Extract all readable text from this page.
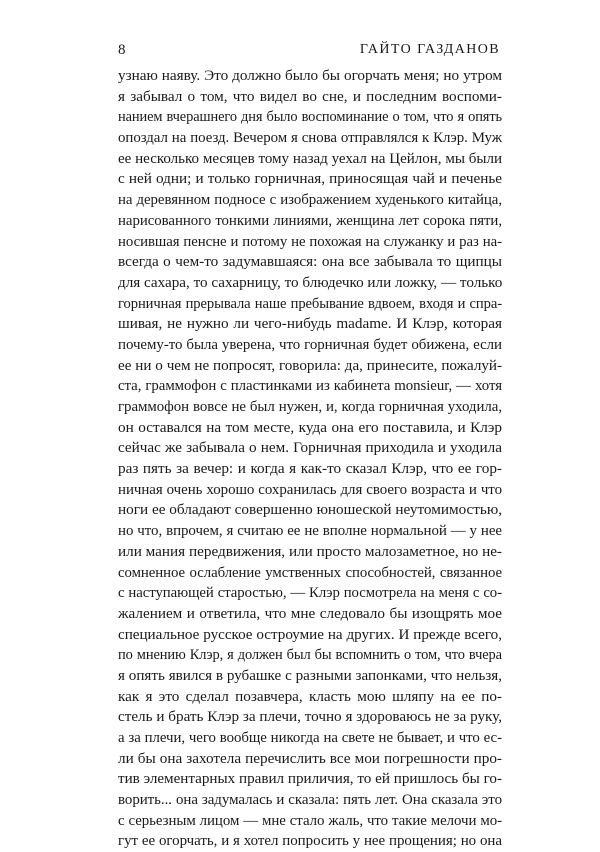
8	ГАЙТО ГАЗДАНОВ
узнаю наяву. Это должно было бы огорчать меня; но утром
я забывал о том, что видел во сне, и последним воспоми-
нанием вчерашнего дня было воспоминание о том, что я опять
опоздал на поезд. Вечером я снова отправлялся к Клэр. Муж
ее несколько месяцев тому назад уехал на Цейлон, мы были
с ней одни; и только горничная, приносящая чай и печенье
на деревянном подносе с изображением худенького китайца,
нарисованного тонкими линиями, женщина лет сорока пяти,
носившая пенсне и потому не похожая на служанку и раз на-
всегда о чем-то задумавшаяся: она все забывала то щипцы
для сахара, то сахарницу, то блюдечко или ложку, — только
горничная прерывала наше пребывание вдвоем, входя и спра-
шивая, не нужно ли чего-нибудь madame. И Клэр, которая
почему-то была уверена, что горничная будет обижена, если
ее ни о чем не попросят, говорила: да, принесите, пожалуй-
ста, граммофон с пластинками из кабинета monsieur, — хотя
граммофон вовсе не был нужен, и, когда горничная уходила,
он оставался на том месте, куда она его поставила, и Клэр
сейчас же забывала о нем. Горничная приходила и уходила
раз пять за вечер: и когда я как-то сказал Клэр, что ее гор-
ничная очень хорошо сохранилась для своего возраста и что
ноги ее обладают совершенно юношеской неутомимостью,
но что, впрочем, я считаю ее не вполне нормальной — у нее
или мания передвижения, или просто малозаметное, но не-
сомненное ослабление умственных способностей, связанное
с наступающей старостью, — Клэр посмотрела на меня с со-
жалением и ответила, что мне следовало бы изощрять мое
специальное русское остроумие на других. И прежде всего,
по мнению Клэр, я должен был бы вспомнить о том, что вчера
я опять явился в рубашке с разными запонками, что нельзя,
как я это сделал позавчера, класть мою шляпу на ее по-
стель и брать Клэр за плечи, точно я здороваюсь не за руку,
а за плечи, чего вообще никогда на свете не бывает, и что ес-
ли бы она захотела перечислить все мои погрешности про-
тив элементарных правил приличия, то ей пришлось бы го-
ворить... она задумалась и сказала: пять лет. Она сказала это
с серьезным лицом — мне стало жаль, что такие мелочи мо-
гут ее огорчать, и я хотел попросить у нее прощения; но она
